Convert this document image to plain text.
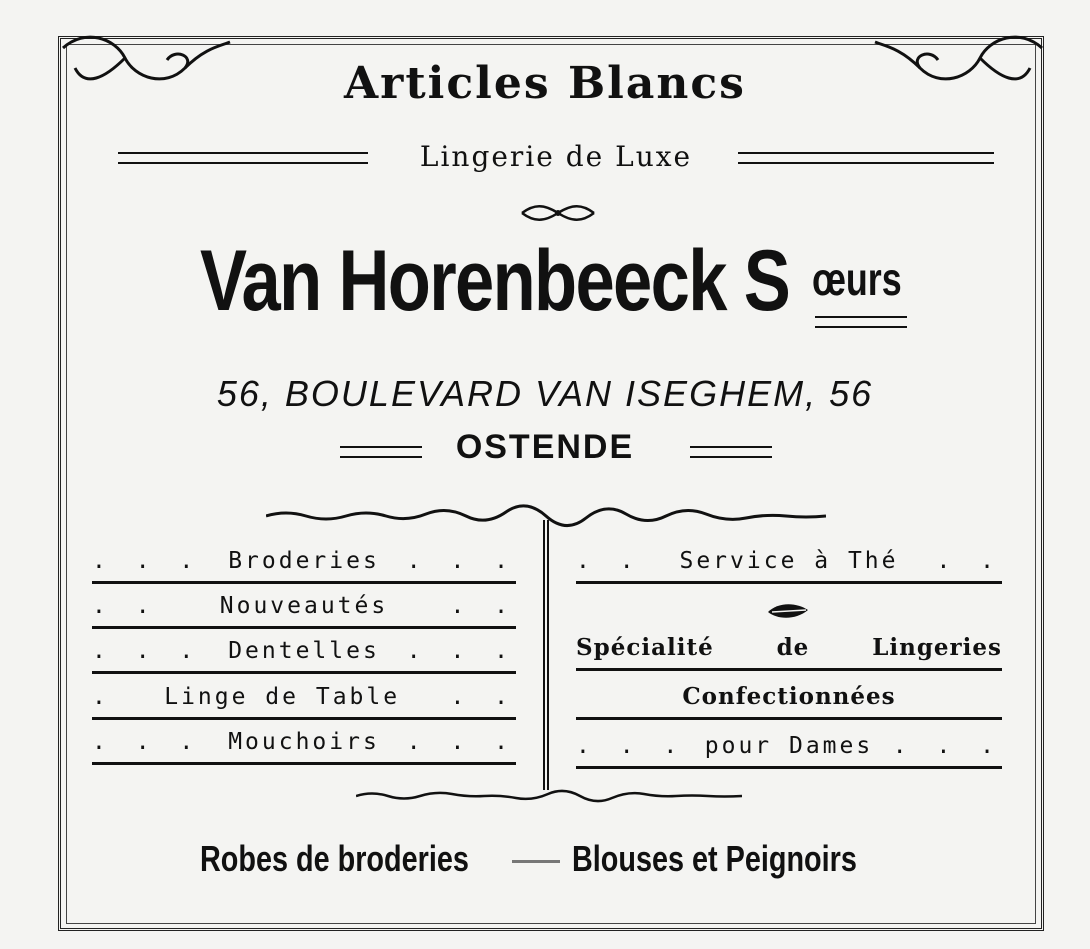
Articles Blancs
Lingerie de Luxe
Van Horenbeeck S œurs
56, BOULEVARD VAN ISEGHEM, 56
OSTENDE
. . .	Broderies	. . .
. .	Nouveautés	. .
. . .	Dentelles	. . .
.	Linge de Table	. .
. . .	Mouchoirs	. . .
. .	Service à Thé	. .
Spécialité	de	Lingeries
Confectionnées
. . . pour Dames . . .
Robes de broderies	Blouses et Peignoirs
